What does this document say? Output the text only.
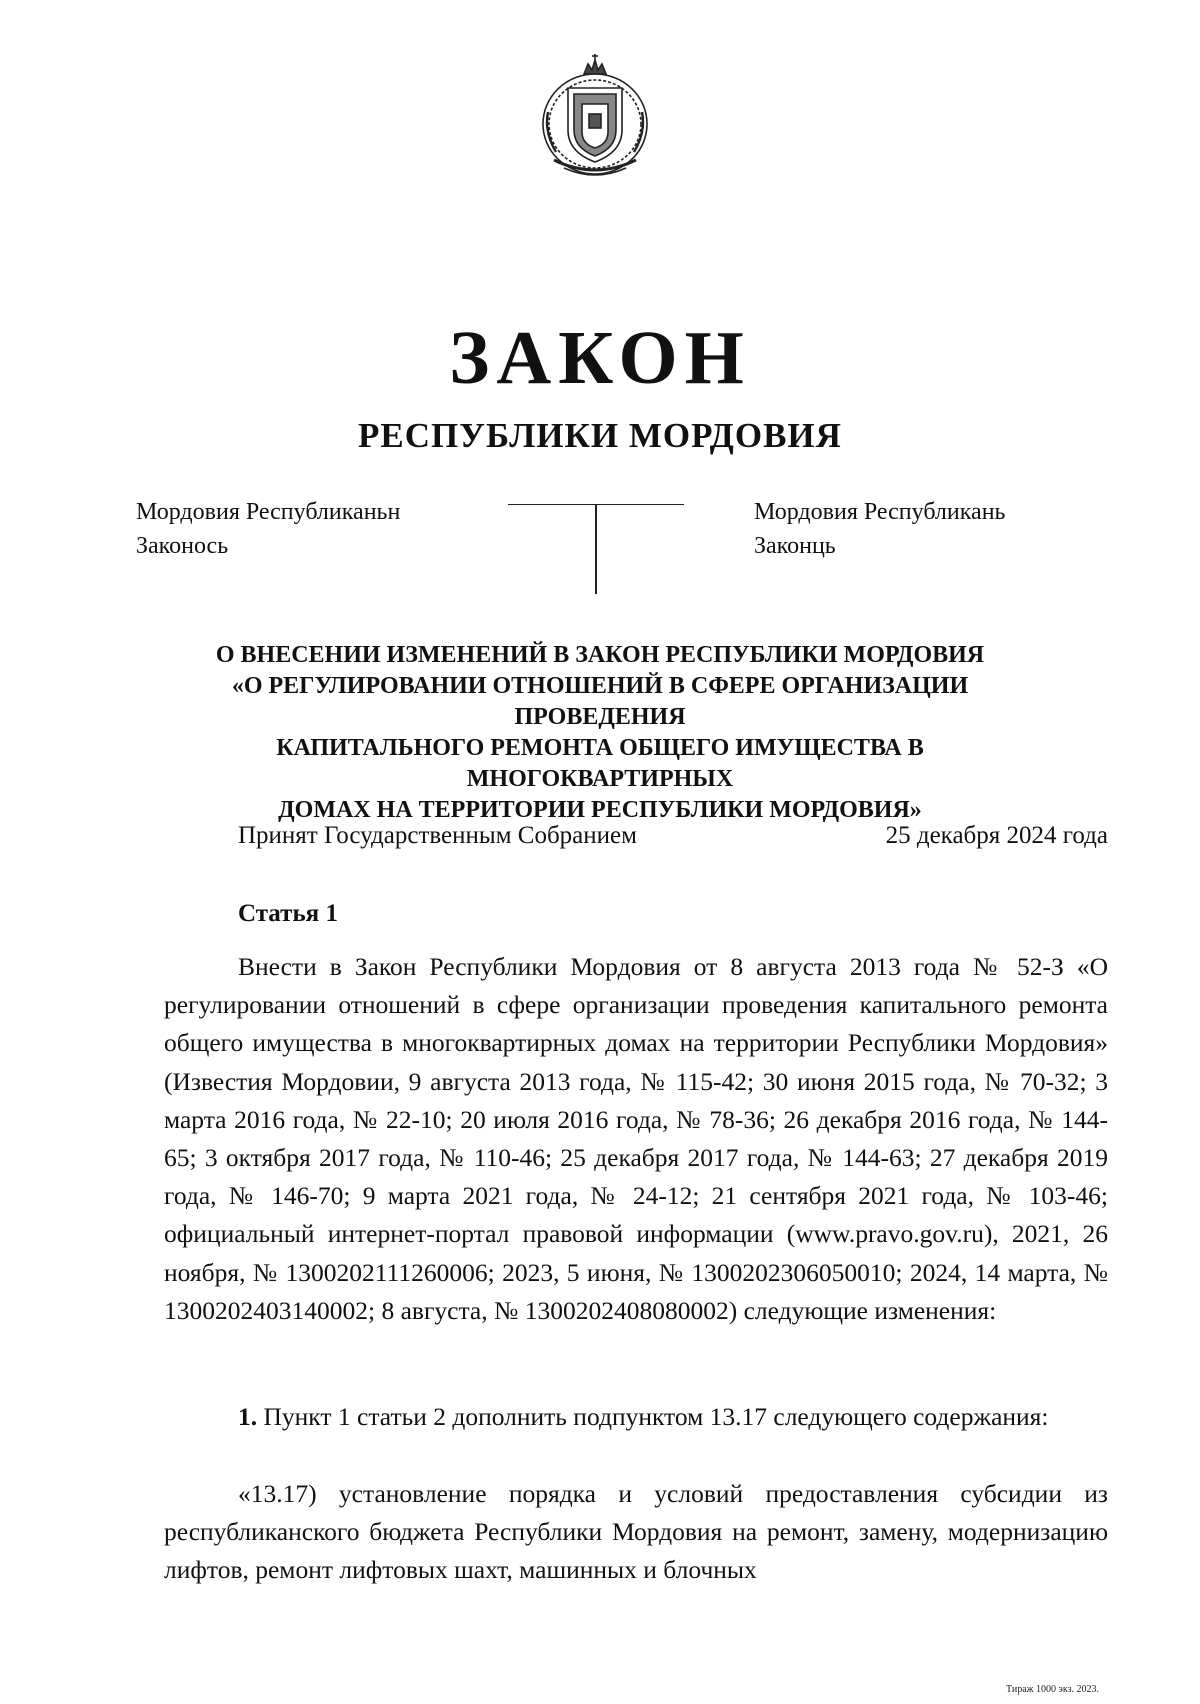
ЗАКОН
РЕСПУБЛИКИ МОРДОВИЯ
Мордовия Республиканьн
Законось
Мордовия Республикань
Законць
О ВНЕСЕНИИ ИЗМЕНЕНИЙ В ЗАКОН РЕСПУБЛИКИ МОРДОВИЯ
«О РЕГУЛИРОВАНИИ ОТНОШЕНИЙ В СФЕРЕ ОРГАНИЗАЦИИ ПРОВЕДЕНИЯ
КАПИТАЛЬНОГО РЕМОНТА ОБЩЕГО ИМУЩЕСТВА В МНОГОКВАРТИРНЫХ
ДОМАХ НА ТЕРРИТОРИИ РЕСПУБЛИКИ МОРДОВИЯ»
Принят Государственным Собранием	25 декабря 2024 года
Статья 1

Внести в Закон Республики Мордовия от 8 августа 2013 года № 52-З «О регулировании отношений в сфере организации проведения капитального ремонта общего имущества в многоквартирных домах на территории Республики Мордовия» (Известия Мордовии, 9 августа 2013 года, № 115-42; 30 июня 2015 года, № 70-32; 3 марта 2016 года, № 22-10; 20 июля 2016 года, № 78-36; 26 декабря 2016 года, № 144-65; 3 октября 2017 года, № 110-46; 25 декабря 2017 года, № 144-63; 27 декабря 2019 года, № 146-70; 9 марта 2021 года, № 24-12; 21 сентября 2021 года, № 103-46; официальный интернет-портал правовой информации (www.pravo.gov.ru), 2021, 26 ноября, № 1300202111260006; 2023, 5 июня, № 1300202306050010; 2024, 14 марта, № 1300202403140002; 8 августа, № 1300202408080002) следующие изменения:

1. Пункт 1 статьи 2 дополнить подпунктом 13.17 следующего содержания:

«13.17) установление порядка и условий предоставления субсидии из республиканского бюджета Республики Мордовия на ремонт, замену, модернизацию лифтов, ремонт лифтовых шахт, машинных и блочных

Тираж 1000 экз. 2023.
